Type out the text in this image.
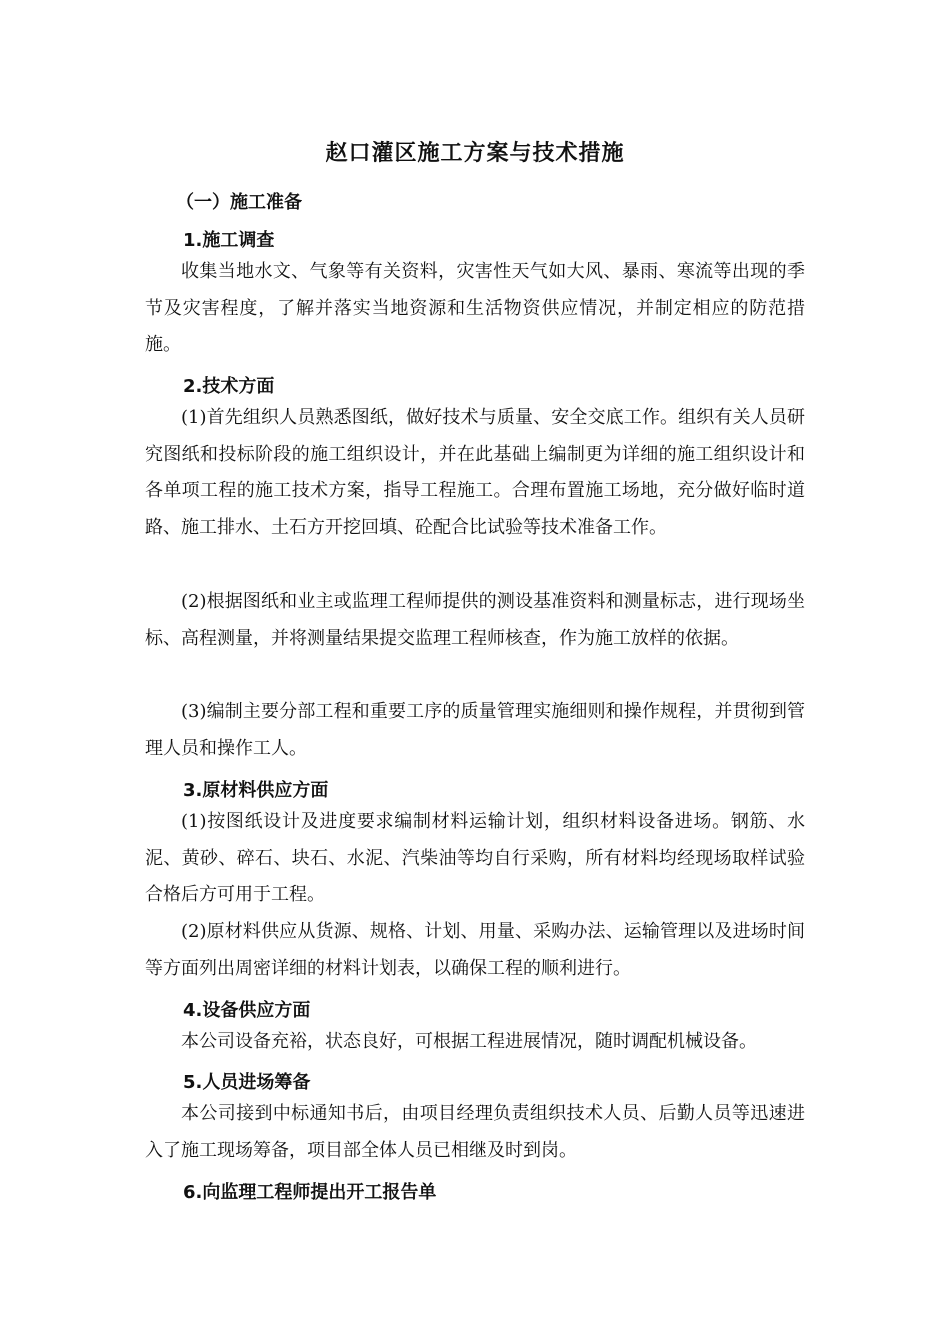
赵口灌区施工方案与技术措施
（一）施工准备
1.施工调查

收集当地水文、气象等有关资料，灾害性天气如大风、暴雨、寒流等出现的季节及灾害程度，了解并落实当地资源和生活物资供应情况，并制定相应的防范措施。

2.技术方面

(1)首先组织人员熟悉图纸，做好技术与质量、安全交底工作。组织有关人员研究图纸和投标阶段的施工组织设计，并在此基础上编制更为详细的施工组织设计和各单项工程的施工技术方案，指导工程施工。合理布置施工场地，充分做好临时道路、施工排水、土石方开挖回填、砼配合比试验等技术准备工作。

(2)根据图纸和业主或监理工程师提供的测设基准资料和测量标志，进行现场坐标、高程测量，并将测量结果提交监理工程师核查，作为施工放样的依据。

(3)编制主要分部工程和重要工序的质量管理实施细则和操作规程，并贯彻到管理人员和操作工人。

3.原材料供应方面

(1)按图纸设计及进度要求编制材料运输计划，组织材料设备进场。钢筋、水泥、黄砂、碎石、块石、水泥、汽柴油等均自行采购，所有材料均经现场取样试验合格后方可用于工程。

(2)原材料供应从货源、规格、计划、用量、采购办法、运输管理以及进场时间等方面列出周密详细的材料计划表，以确保工程的顺利进行。

4.设备供应方面

本公司设备充裕，状态良好，可根据工程进展情况，随时调配机械设备。

5.人员进场筹备

本公司接到中标通知书后，由项目经理负责组织技术人员、后勤人员等迅速进入了施工现场筹备，项目部全体人员已相继及时到岗。

6.向监理工程师提出开工报告单
